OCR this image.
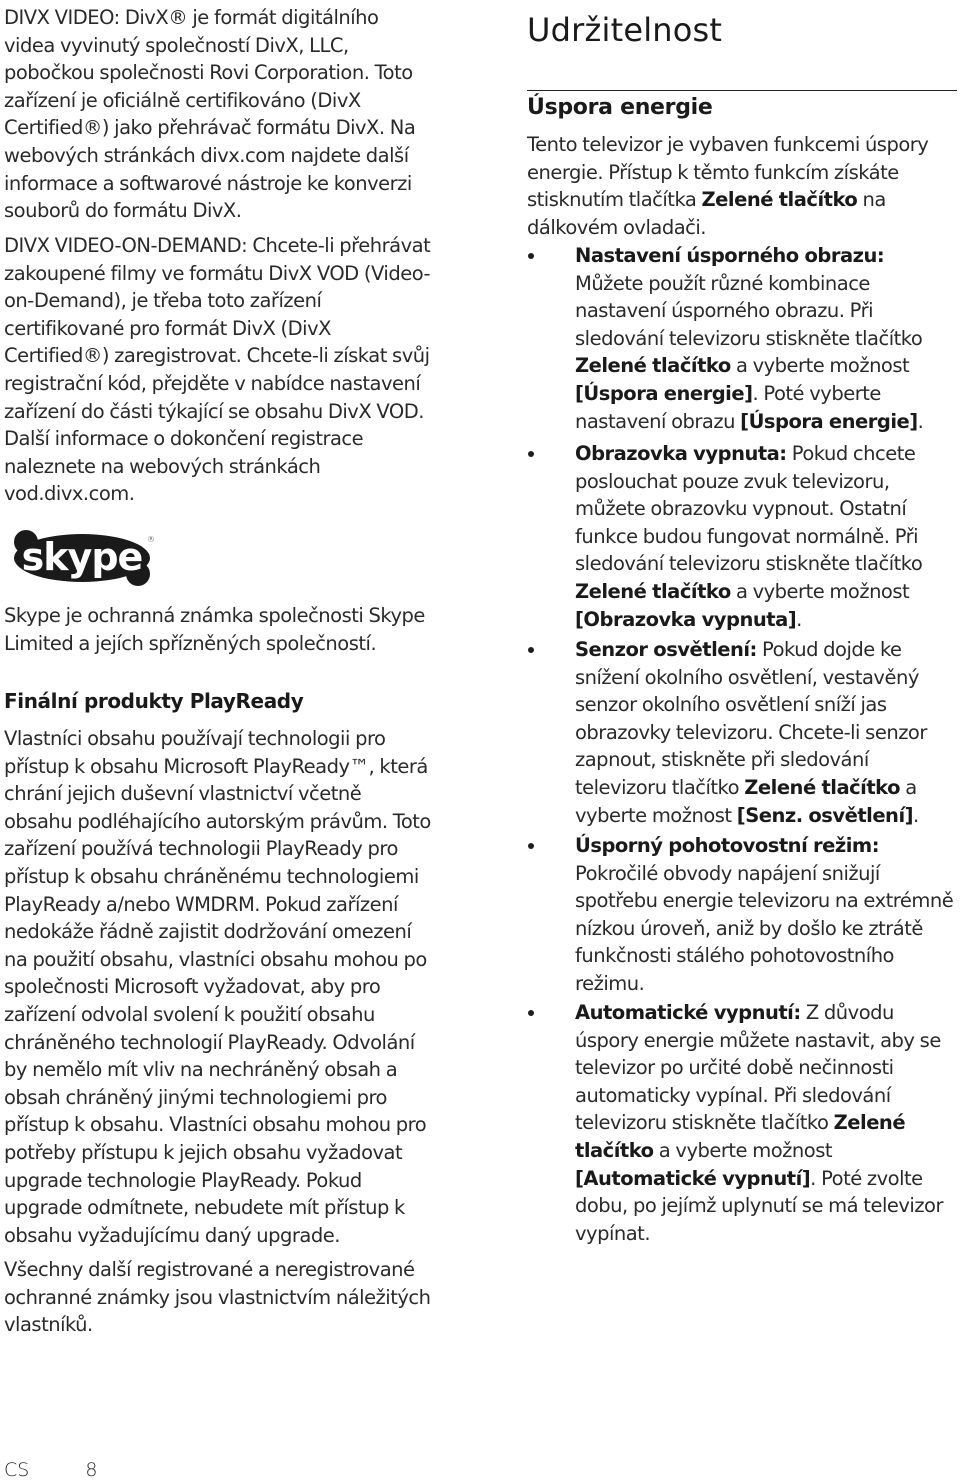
DIVX VIDEO: DivX® je formát digitálního videa vyvinutý společností DivX, LLC, pobočkou společnosti Rovi Corporation. Toto zařízení je oficiálně certifikováno (DivX Certified®) jako přehrávač formátu DivX. Na webových stránkách divx.com najdete další informace a softwarové nástroje ke konverzi souborů do formátu DivX.

DIVX VIDEO-ON-DEMAND: Chcete-li přehrávat zakoupené filmy ve formátu DivX VOD (Video-on-Demand), je třeba toto zařízení certifikované pro formát DivX (DivX Certified®) zaregistrovat. Chcete-li získat svůj registrační kód, přejděte v nabídce nastavení zařízení do části týkající se obsahu DivX VOD. Další informace o dokončení registrace naleznete na webových stránkách vod.divx.com.

skype ®

Skype je ochranná známka společnosti Skype Limited a jejích spřízněných společností.

Finální produkty PlayReady

Vlastníci obsahu používají technologii pro přístup k obsahu Microsoft PlayReady™, která chrání jejich duševní vlastnictví včetně obsahu podléhajícího autorským právům. Toto zařízení používá technologii PlayReady pro přístup k obsahu chráněnému technologiemi PlayReady a/nebo WMDRM. Pokud zařízení nedokáže řádně zajistit dodržování omezení na použití obsahu, vlastníci obsahu mohou po společnosti Microsoft vyžadovat, aby pro zařízení odvolal svolení k použití obsahu chráněného technologií PlayReady. Odvolání by nemělo mít vliv na nechráněný obsah a obsah chráněný jinými technologiemi pro přístup k obsahu. Vlastníci obsahu mohou pro potřeby přístupu k jejich obsahu vyžadovat upgrade technologie PlayReady. Pokud upgrade odmítnete, nebudete mít přístup k obsahu vyžadujícímu daný upgrade.

Všechny další registrované a neregistrované ochranné známky jsou vlastnictvím náležitých vlastníků.

Udržitelnost
Úspora energie

Tento televizor je vybaven funkcemi úspory energie. Přístup k těmto funkcím získáte stisknutím tlačítka Zelené tlačítko na dálkovém ovladači.

Nastavení úsporného obrazu: Můžete použít různé kombinace nastavení úsporného obrazu. Při sledování televizoru stiskněte tlačítko Zelené tlačítko a vyberte možnost [Úspora energie]. Poté vyberte nastavení obrazu [Úspora energie].

Obrazovka vypnuta: Pokud chcete poslouchat pouze zvuk televizoru, můžete obrazovku vypnout. Ostatní funkce budou fungovat normálně. Při sledování televizoru stiskněte tlačítko Zelené tlačítko a vyberte možnost [Obrazovka vypnuta].

Senzor osvětlení: Pokud dojde ke snížení okolního osvětlení, vestavěný senzor okolního osvětlení sníží jas obrazovky televizoru. Chcete-li senzor zapnout, stiskněte při sledování televizoru tlačítko Zelené tlačítko a vyberte možnost [Senz. osvětlení].

Úsporný pohotovostní režim: Pokročilé obvody napájení snižují spotřebu energie televizoru na extrémně nízkou úroveň, aniž by došlo ke ztrátě funkčnosti stálého pohotovostního režimu.

Automatické vypnutí: Z důvodu úspory energie můžete nastavit, aby se televizor po určité době nečinnosti automaticky vypínal. Při sledování televizoru stiskněte tlačítko Zelené tlačítko a vyberte možnost [Automatické vypnutí]. Poté zvolte dobu, po jejímž uplynutí se má televizor vypínat.

CS	8
